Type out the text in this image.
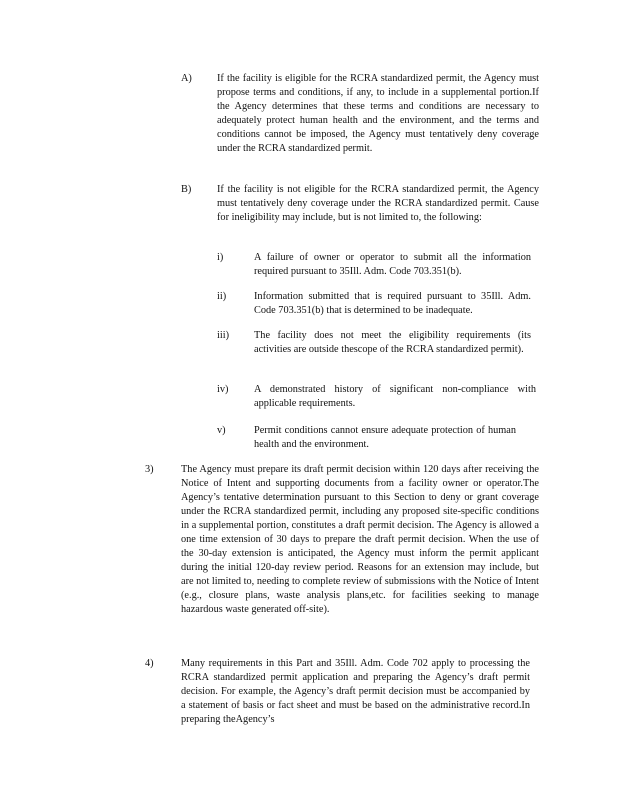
A) If the facility is eligible for the RCRA standardized permit, the Agency must propose terms and conditions, if any, to include in a supplemental portion.If the Agency determines that these terms and conditions are necessary to adequately protect human health and the environment, and the terms and conditions cannot be imposed, the Agency must tentatively deny coverage under the RCRA standardized permit.
B) If the facility is not eligible for the RCRA standardized permit, the Agency must tentatively deny coverage under the RCRA standardized permit. Cause for ineligibility may include, but is not limited to, the following:
i)	A failure of owner or operator to submit all the information required pursuant to 35Ill. Adm. Code 703.351(b).
ii)	Information submitted that is required pursuant to 35Ill. Adm. Code 703.351(b) that is determined to be inadequate.
iii) The facility does not meet the eligibility requirements (its activities are outside thescope of the RCRA standardized permit).
iv) A demonstrated history of significant non-compliance with applicable requirements.
v)	Permit conditions cannot ensure adequate protection of human health and the environment.
3)	The Agency must prepare its draft permit decision within 120 days after receiving the Notice of Intent and supporting documents from a facility owner or operator.The Agency’s tentative determination pursuant to this Section to deny or grant coverage under the RCRA standardized permit, including any proposed site-specific conditions in a supplemental portion, constitutes a draft permit decision. The Agency is allowed a one time extension of 30 days to prepare the draft permit decision. When the use of the 30-day extension is anticipated, the Agency must inform the permit applicant during the initial 120-day review period. Reasons for an extension may include, but are not limited to, needing to complete review of submissions with the Notice of Intent (e.g., closure plans, waste analysis plans,etc. for facilities seeking to manage hazardous waste generated off-site).
4)	Many requirements in this Part and 35Ill. Adm. Code 702 apply to processing the RCRA standardized permit application and preparing the Agency’s draft permit decision. For example, the Agency’s draft permit decision must be accompanied by a statement of basis or fact sheet and must be based on the administrative record.In preparing theAgency’s
